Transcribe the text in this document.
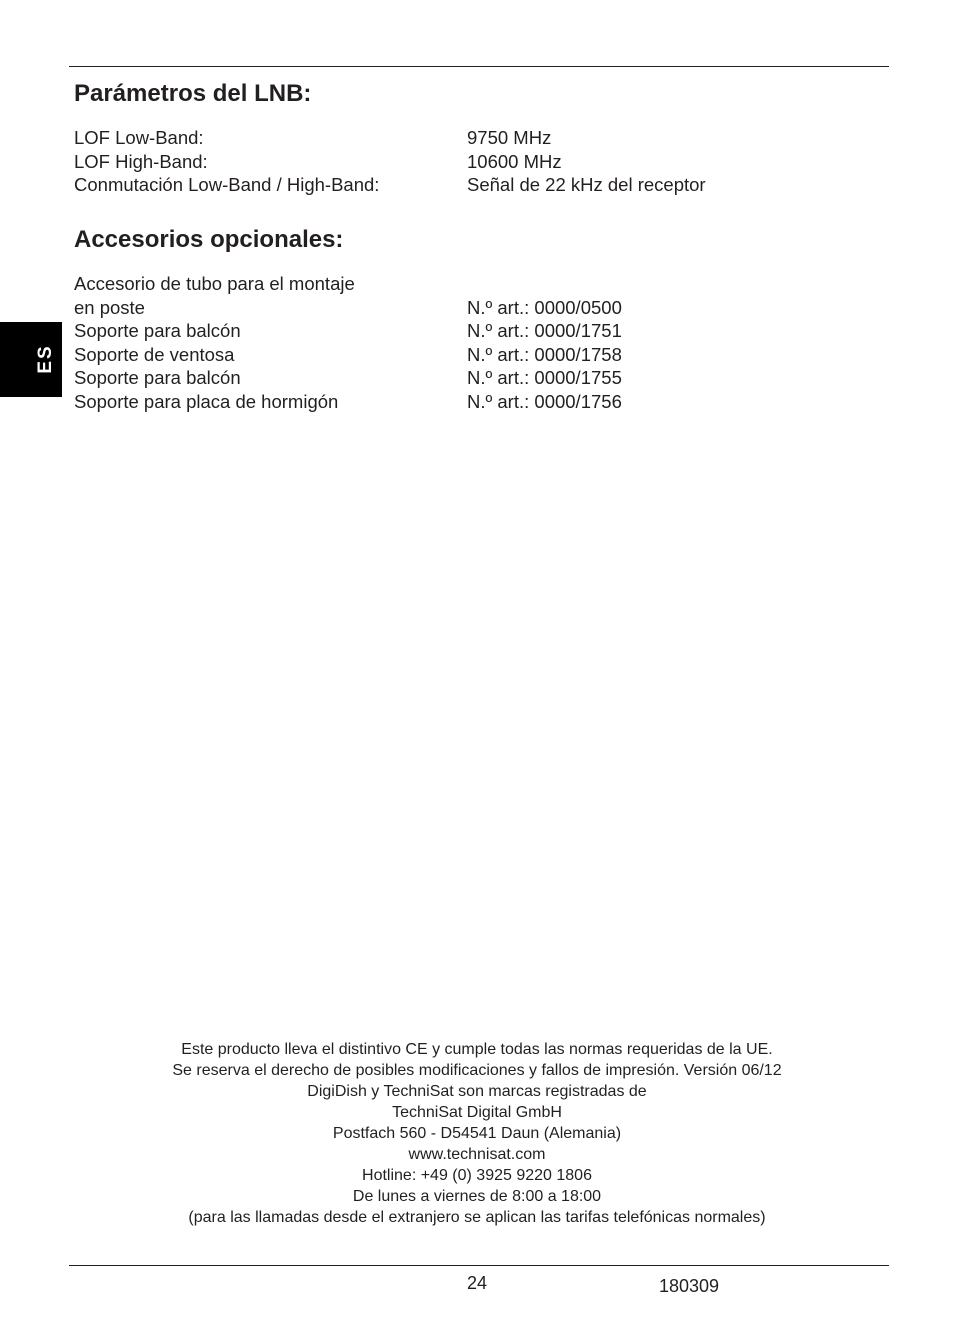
ES
Parámetros del LNB:
LOF Low-Band:	9750 MHz
LOF High-Band:	10600 MHz
Conmutación Low-Band / High-Band:	Señal de 22 kHz del receptor
Accesorios opcionales:
Accesorio de tubo para el montaje
en poste	N.º art.: 0000/0500
Soporte para balcón	N.º art.: 0000/1751
Soporte de ventosa	N.º art.: 0000/1758
Soporte para balcón	N.º art.: 0000/1755
Soporte para placa de hormigón	N.º art.: 0000/1756
Este producto lleva el distintivo CE y cumple todas las normas requeridas de la UE.
Se reserva el derecho de posibles modificaciones y fallos de impresión. Versión 06/12
DigiDish y TechniSat son marcas registradas de
TechniSat Digital GmbH
Postfach 560 - D54541 Daun (Alemania)
www.technisat.com
Hotline: +49 (0) 3925 9220 1806
De lunes a viernes de 8:00 a 18:00
(para las llamadas desde el extranjero se aplican las tarifas telefónicas normales)
24	180309
